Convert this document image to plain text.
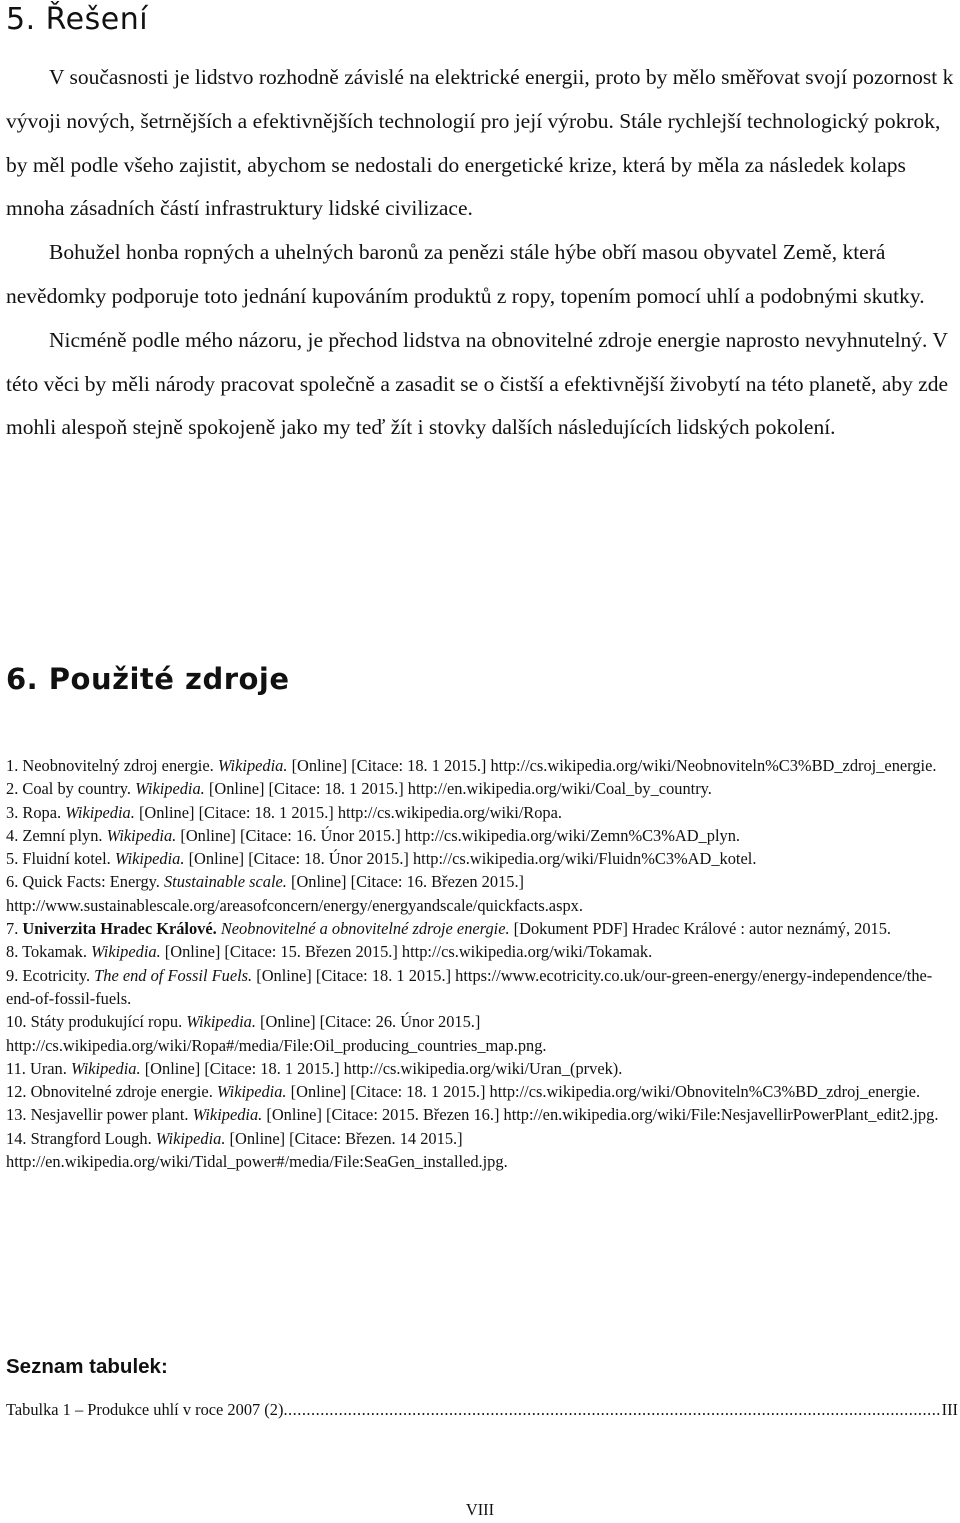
5. Řešení

V současnosti je lidstvo rozhodně závislé na elektrické energii, proto by mělo směřovat svojí pozornost k vývoji nových, šetrnějších a efektivnějších technologií pro její výrobu. Stále rychlejší technologický pokrok, by měl podle všeho zajistit, abychom se nedostali do energetické krize, která by měla za následek kolaps mnoha zásadních částí infrastruktury lidské civilizace.

Bohužel honba ropných a uhelných baronů za penězi stále hýbe obří masou obyvatel Země, která nevědomky podporuje toto jednání kupováním produktů z ropy, topením pomocí uhlí a podobnými skutky.

Nicméně podle mého názoru, je přechod lidstva na obnovitelné zdroje energie naprosto nevyhnutelný. V této věci by měli národy pracovat společně a zasadit se o čistší a efektivnější živobytí na této planetě, aby zde mohli alespoň stejně spokojeně jako my teď žít i stovky dalších následujících lidských pokolení.

6. Použité zdroje

1. Neobnovitelný zdroj energie. Wikipedia. [Online] [Citace: 18. 1 2015.] http://cs.wikipedia.org/wiki/Neobnoviteln%C3%BD_zdroj_energie.

2. Coal by country. Wikipedia. [Online] [Citace: 18. 1 2015.] http://en.wikipedia.org/wiki/Coal_by_country.

3. Ropa. Wikipedia. [Online] [Citace: 18. 1 2015.] http://cs.wikipedia.org/wiki/Ropa.

4. Zemní plyn. Wikipedia. [Online] [Citace: 16. Únor 2015.] http://cs.wikipedia.org/wiki/Zemn%C3%AD_plyn.

5. Fluidní kotel. Wikipedia. [Online] [Citace: 18. Únor 2015.] http://cs.wikipedia.org/wiki/Fluidn%C3%AD_kotel.

6. Quick Facts: Energy. Stustainable scale. [Online] [Citace: 16. Březen 2015.] http://www.sustainablescale.org/areasofconcern/energy/energyandscale/quickfacts.aspx.

7. Univerzita Hradec Králové. Neobnovitelné a obnovitelné zdroje energie. [Dokument PDF] Hradec Králové : autor neznámý, 2015.

8. Tokamak. Wikipedia. [Online] [Citace: 15. Březen 2015.] http://cs.wikipedia.org/wiki/Tokamak.

9. Ecotricity. The end of Fossil Fuels. [Online] [Citace: 18. 1 2015.] https://www.ecotricity.co.uk/our-green-energy/energy-independence/the-end-of-fossil-fuels.

10. Státy produkující ropu. Wikipedia. [Online] [Citace: 26. Únor 2015.] http://cs.wikipedia.org/wiki/Ropa#/media/File:Oil_producing_countries_map.png.

11. Uran. Wikipedia. [Online] [Citace: 18. 1 2015.] http://cs.wikipedia.org/wiki/Uran_(prvek).

12. Obnovitelné zdroje energie. Wikipedia. [Online] [Citace: 18. 1 2015.] http://cs.wikipedia.org/wiki/Obnoviteln%C3%BD_zdroj_energie.

13. Nesjavellir power plant. Wikipedia. [Online] [Citace: 2015. Březen 16.] http://en.wikipedia.org/wiki/File:NesjavellirPowerPlant_edit2.jpg.

14. Strangford Lough. Wikipedia. [Online] [Citace: Březen. 14 2015.] http://en.wikipedia.org/wiki/Tidal_power#/media/File:SeaGen_installed.jpg.

Seznam tabulek:
Tabulka 1 – Produkce uhlí v roce 2007 (2)
.....	III
VIII
